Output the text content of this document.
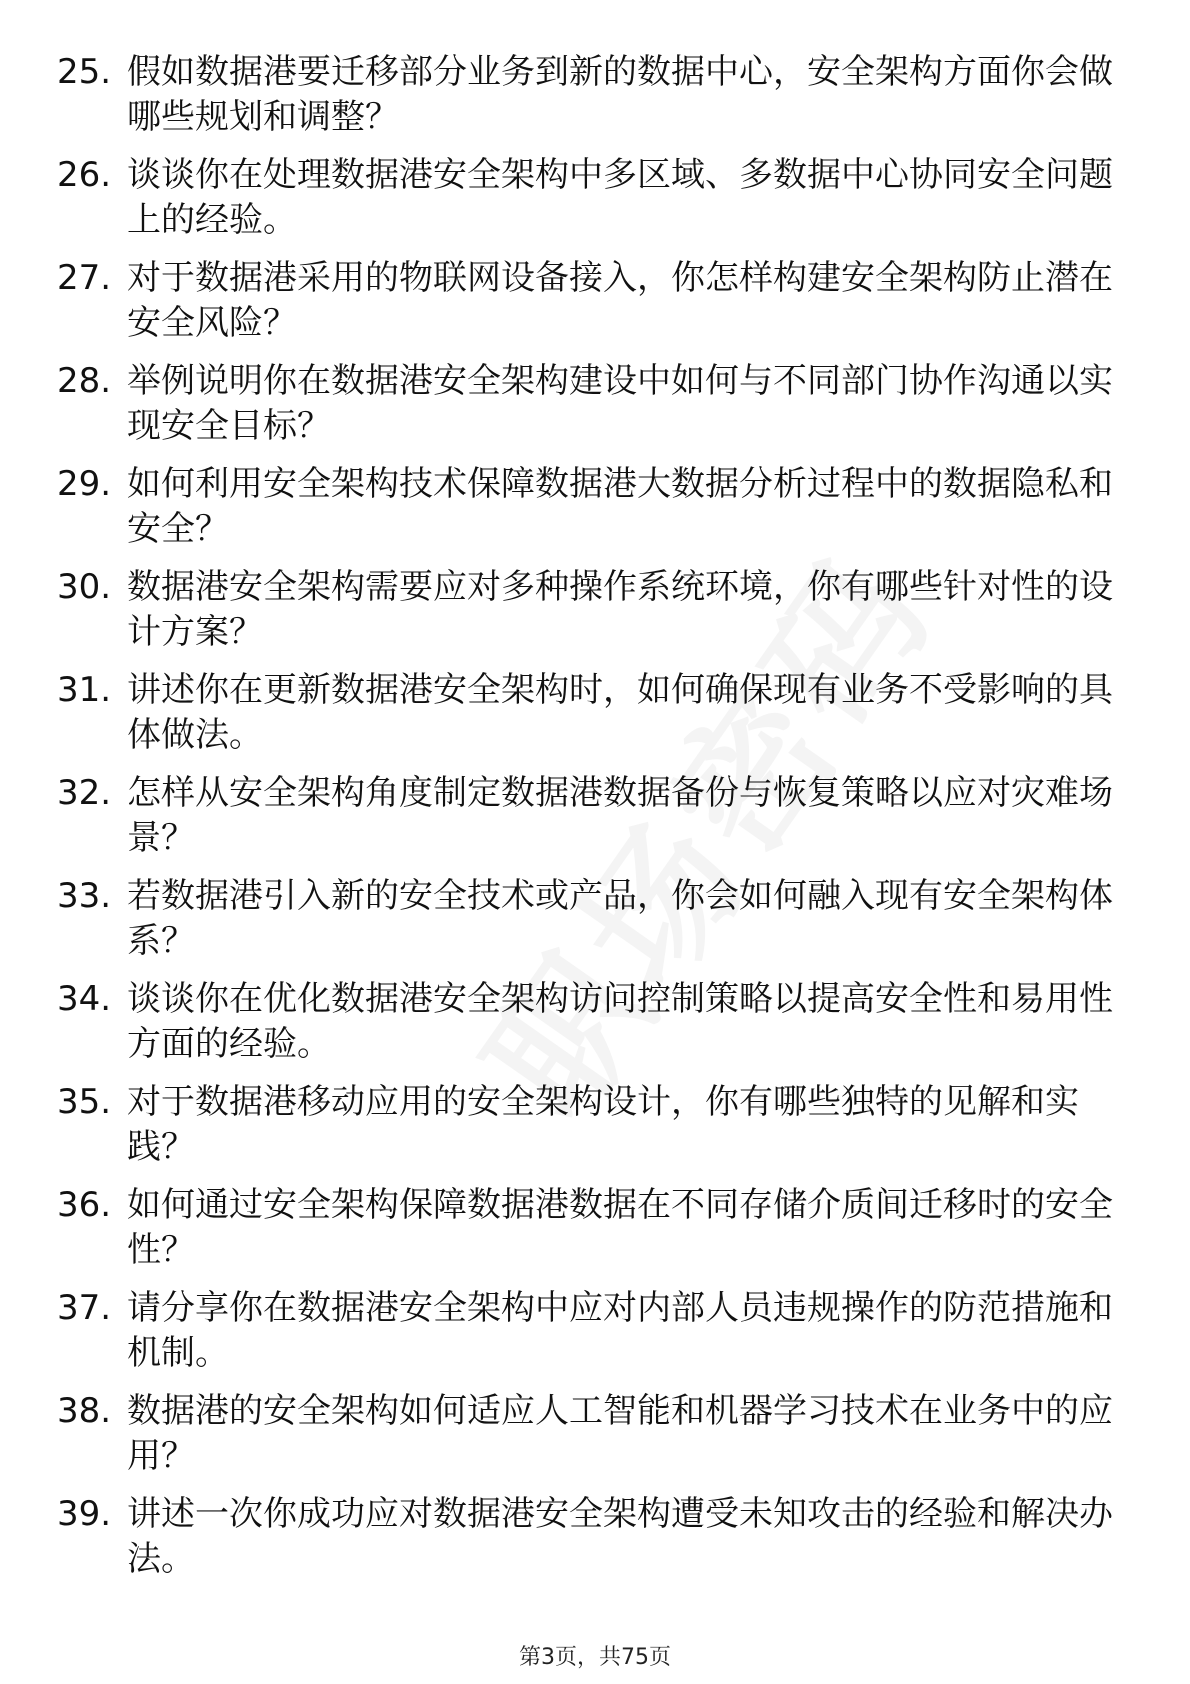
25. 假如数据港要迁移部分业务到新的数据中心，安全架构方面你会做哪些规划和调整？
26. 谈谈你在处理数据港安全架构中多区域、多数据中心协同安全问题上的经验。
27. 对于数据港采用的物联网设备接入，你怎样构建安全架构防止潜在安全风险？
28. 举例说明你在数据港安全架构建设中如何与不同部门协作沟通以实现安全目标？
29. 如何利用安全架构技术保障数据港大数据分析过程中的数据隐私和安全？
30. 数据港安全架构需要应对多种操作系统环境，你有哪些针对性的设计方案？
31. 讲述你在更新数据港安全架构时，如何确保现有业务不受影响的具体做法。
32. 怎样从安全架构角度制定数据港数据备份与恢复策略以应对灾难场景？
33. 若数据港引入新的安全技术或产品，你会如何融入现有安全架构体系？
34. 谈谈你在优化数据港安全架构访问控制策略以提高安全性和易用性方面的经验。
35. 对于数据港移动应用的安全架构设计，你有哪些独特的见解和实践？
36. 如何通过安全架构保障数据港数据在不同存储介质间迁移时的安全性？
37. 请分享你在数据港安全架构中应对内部人员违规操作的防范措施和机制。
38. 数据港的安全架构如何适应人工智能和机器学习技术在业务中的应用？
39. 讲述一次你成功应对数据港安全架构遭受未知攻击的经验和解决办法。
第3页，共75页
